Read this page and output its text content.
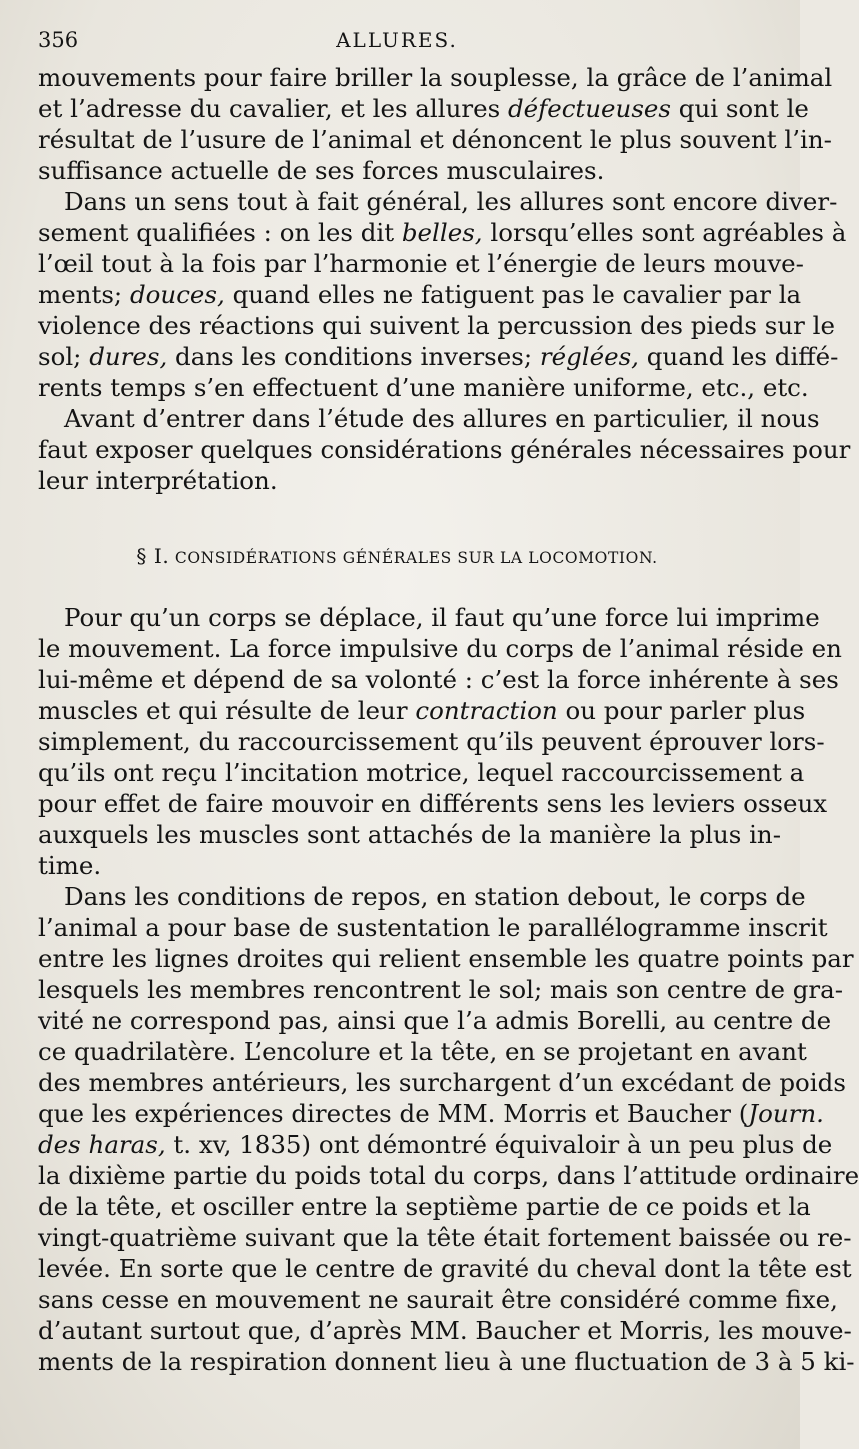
356	ALLURES.

mouvements pour faire briller la souplesse, la grâce de l’animal
et l’adresse du cavalier, et les allures défectueuses qui sont le
résultat de l’usure de l’animal et dénoncent le plus souvent l’in-
suffisance actuelle de ses forces musculaires.

Dans un sens tout à fait général, les allures sont encore diver-
sement qualifiées : on les dit belles, lorsqu’elles sont agréables à
l’œil tout à la fois par l’harmonie et l’énergie de leurs mouve-
ments; douces, quand elles ne fatiguent pas le cavalier par la
violence des réactions qui suivent la percussion des pieds sur le
sol; dures, dans les conditions inverses; réglées, quand les diffé-
rents temps s’en effectuent d’une manière uniforme, etc., etc.

Avant d’entrer dans l’étude des allures en particulier, il nous
faut exposer quelques considérations générales nécessaires pour
leur interprétation.

§ I. CONSIDÉRATIONS GÉNÉRALES SUR LA LOCOMOTION.

Pour qu’un corps se déplace, il faut qu’une force lui imprime
le mouvement. La force impulsive du corps de l’animal réside en
lui-même et dépend de sa volonté : c’est la force inhérente à ses
muscles et qui résulte de leur contraction ou pour parler plus
simplement, du raccourcissement qu’ils peuvent éprouver lors-
qu’ils ont reçu l’incitation motrice, lequel raccourcissement a
pour effet de faire mouvoir en différents sens les leviers osseux
auxquels les muscles sont attachés de la manière la plus in-
time.

Dans les conditions de repos, en station debout, le corps de
l’animal a pour base de sustentation le parallélogramme inscrit
entre les lignes droites qui relient ensemble les quatre points par
lesquels les membres rencontrent le sol; mais son centre de gra-
vité ne correspond pas, ainsi que l’a admis Borelli, au centre de
ce quadrilatère. L’encolure et la tête, en se projetant en avant
des membres antérieurs, les surchargent d’un excédant de poids
que les expériences directes de MM. Morris et Baucher (Journ.
des haras, t. xv, 1835) ont démontré équivaloir à un peu plus de
la dixième partie du poids total du corps, dans l’attitude ordinaire
de la tête, et osciller entre la septième partie de ce poids et la
vingt-quatrième suivant que la tête était fortement baissée ou re-
levée. En sorte que le centre de gravité du cheval dont la tête est
sans cesse en mouvement ne saurait être considéré comme fixe,
d’autant surtout que, d’après MM. Baucher et Morris, les mouve-
ments de la respiration donnent lieu à une fluctuation de 3 à 5 ki-
